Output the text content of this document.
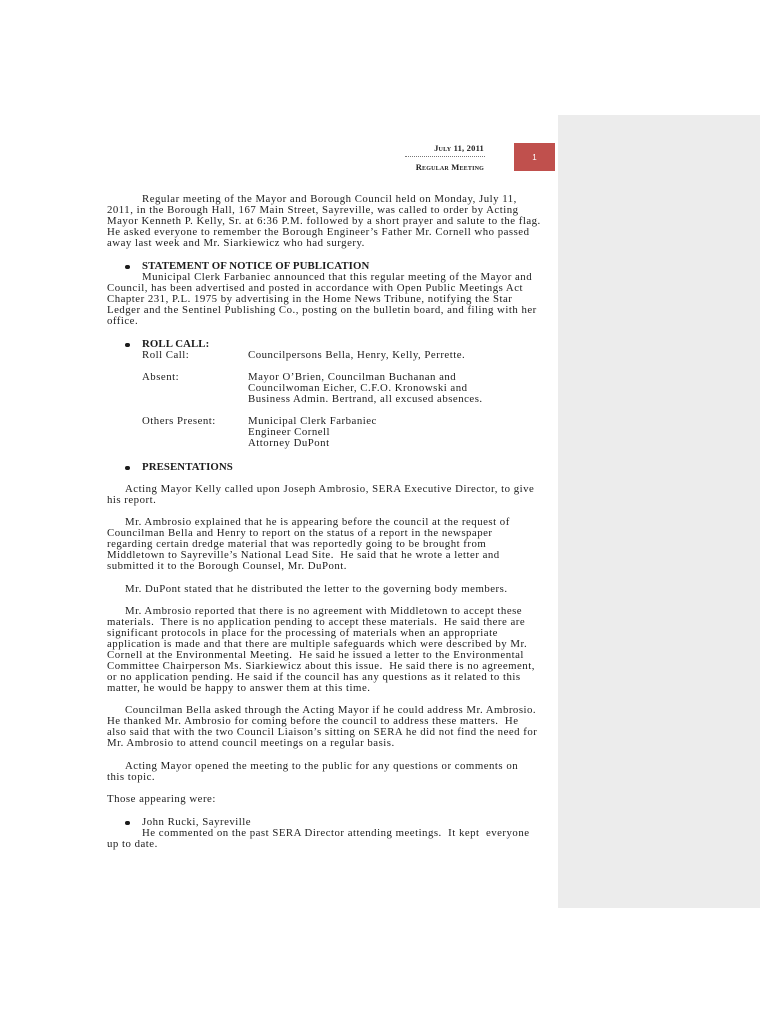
July 11, 2011
Regular Meeting
1
Regular meeting of the Mayor and Borough Council held on Monday, July 11,
2011, in the Borough Hall, 167 Main Street, Sayreville, was called to order by Acting
Mayor Kenneth P. Kelly, Sr. at 6:36 P.M. followed by a short prayer and salute to the flag.
He asked everyone to remember the Borough Engineer’s Father Mr. Cornell who passed
away last week and Mr. Siarkiewicz who had surgery.
STATEMENT OF NOTICE OF PUBLICATION
Municipal Clerk Farbaniec announced that this regular meeting of the Mayor and
Council, has been advertised and posted in accordance with Open Public Meetings Act
Chapter 231, P.L. 1975 by advertising in the Home News Tribune, notifying the Star
Ledger and the Sentinel Publishing Co., posting on the bulletin board, and filing with her
office.
ROLL CALL:
Roll Call:	Councilpersons Bella, Henry, Kelly, Perrette.
Absent:	Mayor O’Brien, Councilman Buchanan and
Councilwoman Eicher, C.F.O. Kronowski and
Business Admin. Bertrand, all excused absences.
Others Present:	Municipal Clerk Farbaniec
Engineer Cornell
Attorney DuPont
PRESENTATIONS
Acting Mayor Kelly called upon Joseph Ambrosio, SERA Executive Director, to give
his report.
Mr. Ambrosio explained that he is appearing before the council at the request of
Councilman Bella and Henry to report on the status of a report in the newspaper
regarding certain dredge material that was reportedly going to be brought from
Middletown to Sayreville’s National Lead Site.  He said that he wrote a letter and
submitted it to the Borough Counsel, Mr. DuPont.
Mr. DuPont stated that he distributed the letter to the governing body members.
Mr. Ambrosio reported that there is no agreement with Middletown to accept these
materials.  There is no application pending to accept these materials.  He said there are
significant protocols in place for the processing of materials when an appropriate
application is made and that there are multiple safeguards which were described by Mr.
Cornell at the Environmental Meeting.  He said he issued a letter to the Environmental
Committee Chairperson Ms. Siarkiewicz about this issue.  He said there is no agreement,
or no application pending. He said if the council has any questions as it related to this
matter, he would be happy to answer them at this time.
Councilman Bella asked through the Acting Mayor if he could address Mr. Ambrosio.
He thanked Mr. Ambrosio for coming before the council to address these matters.  He
also said that with the two Council Liaison’s sitting on SERA he did not find the need for
Mr. Ambrosio to attend council meetings on a regular basis.
Acting Mayor opened the meeting to the public for any questions or comments on
this topic.
Those appearing were:
John Rucki, Sayreville
He commented on the past SERA Director attending meetings.  It kept  everyone
up to date.
